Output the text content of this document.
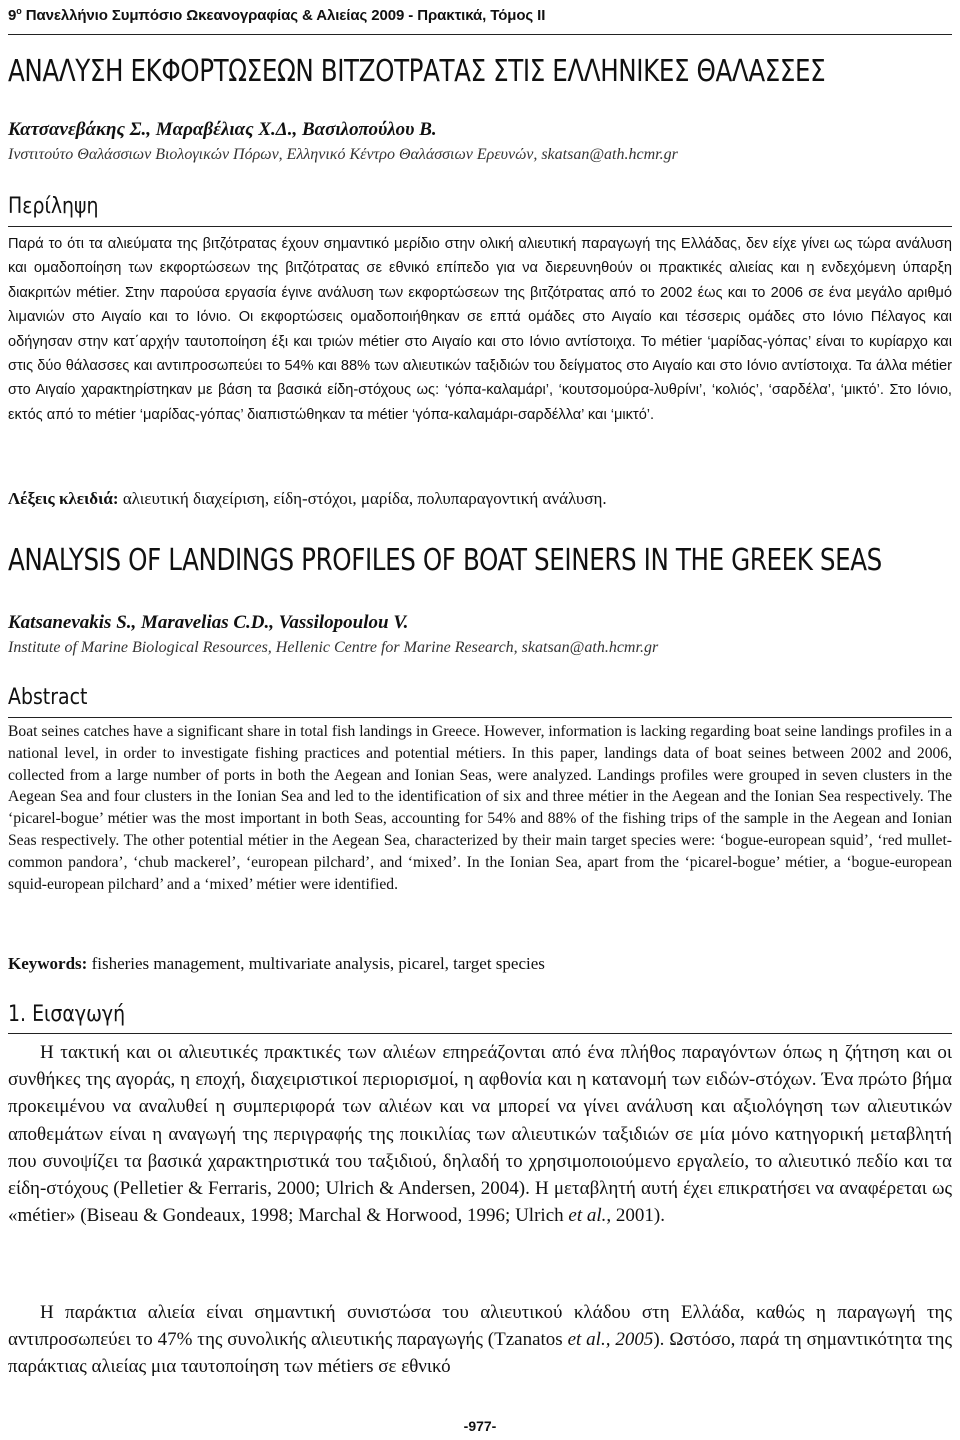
$9^o$ Πανελλήνιο Συμπόσιο Ωκεανογραφίας & Αλιείας 2009 - Πρακτικά, Τόμος ΙΙ
ΑΝΑΛΥΣΗ ΕΚΦΟΡΤΩΣΕΩΝ ΒΙΤΖΟΤΡΑΤΑΣ ΣΤΙΣ ΕΛΛΗΝΙΚΕΣ ΘΑΛΑΣΣΕΣ
Κατσανεβάκης Σ., Μαραβέλιας Χ.Δ., Βασιλοπούλου Β.
Ινστιτούτο Θαλάσσιων Βιολογικών Πόρων, Ελληνικό Κέντρο Θαλάσσιων Ερευνών, skatsan@ath.hcmr.gr
Περίληψη

Παρά το ότι τα αλιεύματα της βιτζότρατας έχουν σημαντικό μερίδιο στην ολική αλιευτική παραγωγή της Ελλάδας, δεν είχε γίνει ως τώρα ανάλυση και ομαδοποίηση των εκφορτώσεων της βιτζότρατας σε εθνικό επίπεδο για να διερευνηθούν οι πρακτικές αλιείας και η ενδεχόμενη ύπαρξη διακριτών métier. Στην παρούσα εργασία έγινε ανάλυση των εκφορτώσεων της βιτζότρατας από το 2002 έως και το 2006 σε ένα μεγάλο αριθμό λιμανιών στο Αιγαίο και το Ιόνιο. Οι εκφορτώσεις ομαδοποιήθηκαν σε επτά ομάδες στο Αιγαίο και τέσσερις ομάδες στο Ιόνιο Πέλαγος και οδήγησαν στην κατ΄αρχήν ταυτοποίηση έξι και τριών métier στο Αιγαίο και στο Ιόνιο αντίστοιχα. Το métier ‘μαρίδας-γόπας’ είναι το κυρίαρχο και στις δύο θάλασσες και αντιπροσωπεύει το 54% και 88% των αλιευτικών ταξιδιών του δείγματος στο Αιγαίο και στο Ιόνιο αντίστοιχα. Τα άλλα métier στο Αιγαίο χαρακτηρίστηκαν με βάση τα βασικά είδη-στόχους ως: ‘γόπα-καλαμάρι’, ‘κουτσομούρα-λυθρίνι’, ‘κολιός’, ‘σαρδέλα’, ‘μικτό’. Στο Ιόνιο, εκτός από το métier ‘μαρίδας-γόπας’ διαπιστώθηκαν τα métier ‘γόπα-καλαμάρι-σαρδέλλα’ και ‘μικτό’.

Λέξεις κλειδιά: αλιευτική διαχείριση, είδη-στόχοι, μαρίδα, πολυπαραγοντική ανάλυση.
ANALYSIS OF LANDINGS PROFILES OF BOAT SEINERS IN THE GREEK SEAS
Katsanevakis S., Maravelias C.D., Vassilopoulou V.
Institute of Marine Biological Resources, Hellenic Centre for Marine Research, skatsan@ath.hcmr.gr
Abstract

Boat seines catches have a significant share in total fish landings in Greece. However, information is lacking regarding boat seine landings profiles in a national level, in order to investigate fishing practices and potential métiers. In this paper, landings data of boat seines between 2002 and 2006, collected from a large number of ports in both the Aegean and Ionian Seas, were analyzed. Landings profiles were grouped in seven clusters in the Aegean Sea and four clusters in the Ionian Sea and led to the identification of six and three métier in the Aegean and the Ionian Sea respectively. The ‘picarel-bogue’ métier was the most important in both Seas, accounting for 54% and 88% of the fishing trips of the sample in the Aegean and Ionian Seas respectively. The other potential métier in the Aegean Sea, characterized by their main target species were: ‘bogue-european squid’, ‘red mullet-common pandora’, ‘chub mackerel’, ‘european pilchard’, and ‘mixed’. In the Ionian Sea, apart from the ‘picarel-bogue’ métier, a ‘bogue-european squid-european pilchard’ and a ‘mixed’ métier were identified.

Keywords: fisheries management, multivariate analysis, picarel, target species
1. Εισαγωγή

Η τακτική και οι αλιευτικές πρακτικές των αλιέων επηρεάζονται από ένα πλήθος παραγόντων όπως η ζήτηση και οι συνθήκες της αγοράς, η εποχή, διαχειριστικοί περιορισμοί, η αφθονία και η κατανομή των ειδών-στόχων. Ένα πρώτο βήμα προκειμένου να αναλυθεί η συμπεριφορά των αλιέων και να μπορεί να γίνει ανάλυση και αξιολόγηση των αλιευτικών αποθεμάτων είναι η αναγωγή της περιγραφής της ποικιλίας των αλιευτικών ταξιδιών σε μία μόνο κατηγορική μεταβλητή που συνοψίζει τα βασικά χαρακτηριστικά του ταξιδιού, δηλαδή το χρησιμοποιούμενο εργαλείο, το αλιευτικό πεδίο και τα είδη-στόχους (Pelletier & Ferraris, 2000; Ulrich & Andersen, 2004). Η μεταβλητή αυτή έχει επικρατήσει να αναφέρεται ως «métier» (Biseau & Gondeaux, 1998; Marchal & Horwood, 1996; Ulrich et al., 2001).

Η παράκτια αλιεία είναι σημαντική συνιστώσα του αλιευτικού κλάδου στη Ελλάδα, καθώς η παραγωγή της αντιπροσωπεύει το 47% της συνολικής αλιευτικής παραγωγής (Tzanatos et al., 2005). Ωστόσο, παρά τη σημαντικότητα της παράκτιας αλιείας μια ταυτοποίηση των métiers σε εθνικό

-977-
